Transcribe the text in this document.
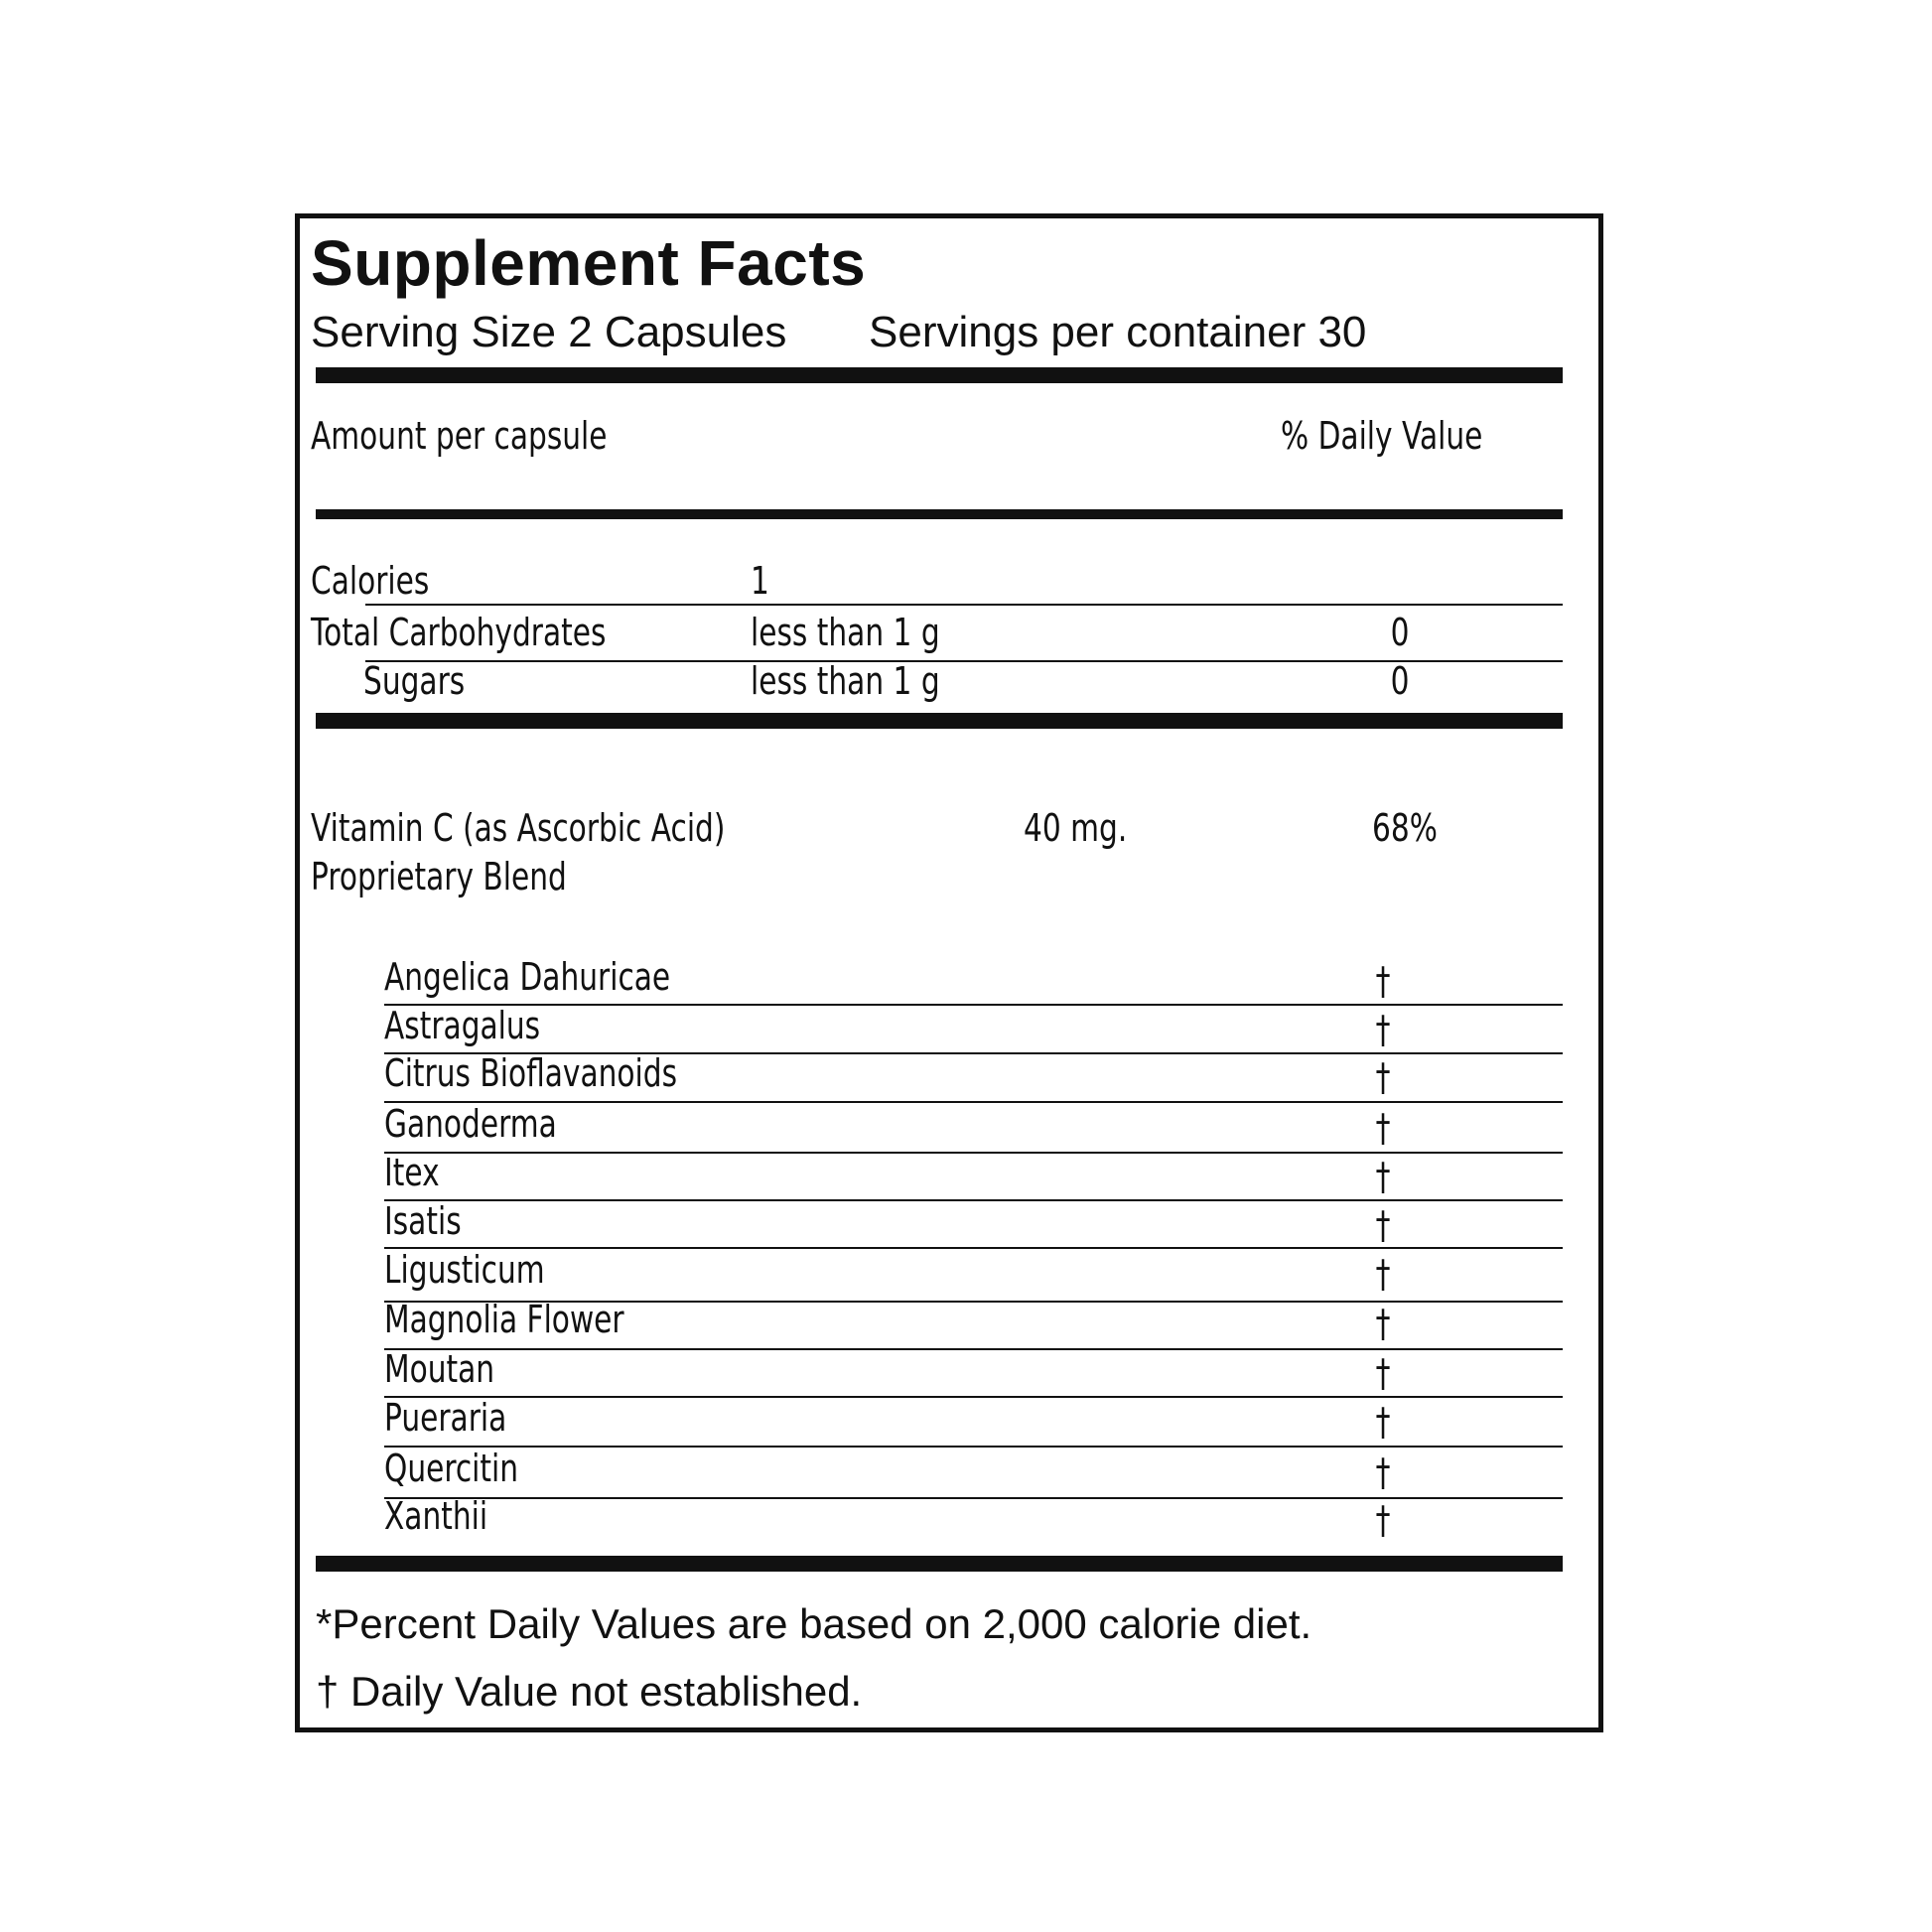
Supplement Facts
Serving Size 2 Capsules Servings per container 30
Amount per capsule	% Daily Value
Calories	1
Total Carbohydrates	less than 1 g	0
Sugars	less than 1 g	0
Vitamin C (as Ascorbic Acid)	40 mg.	68%
Proprietary Blend
Angelica Dahuricae	†
Astragalus	†
Citrus Bioflavanoids	†
Ganoderma	†
Itex	†
Isatis	†
Ligusticum	†
Magnolia Flower	†
Moutan	†
Pueraria	†
Quercitin	†
Xanthii	†
*Percent Daily Values are based on 2,000 calorie diet.
† Daily Value not established.
